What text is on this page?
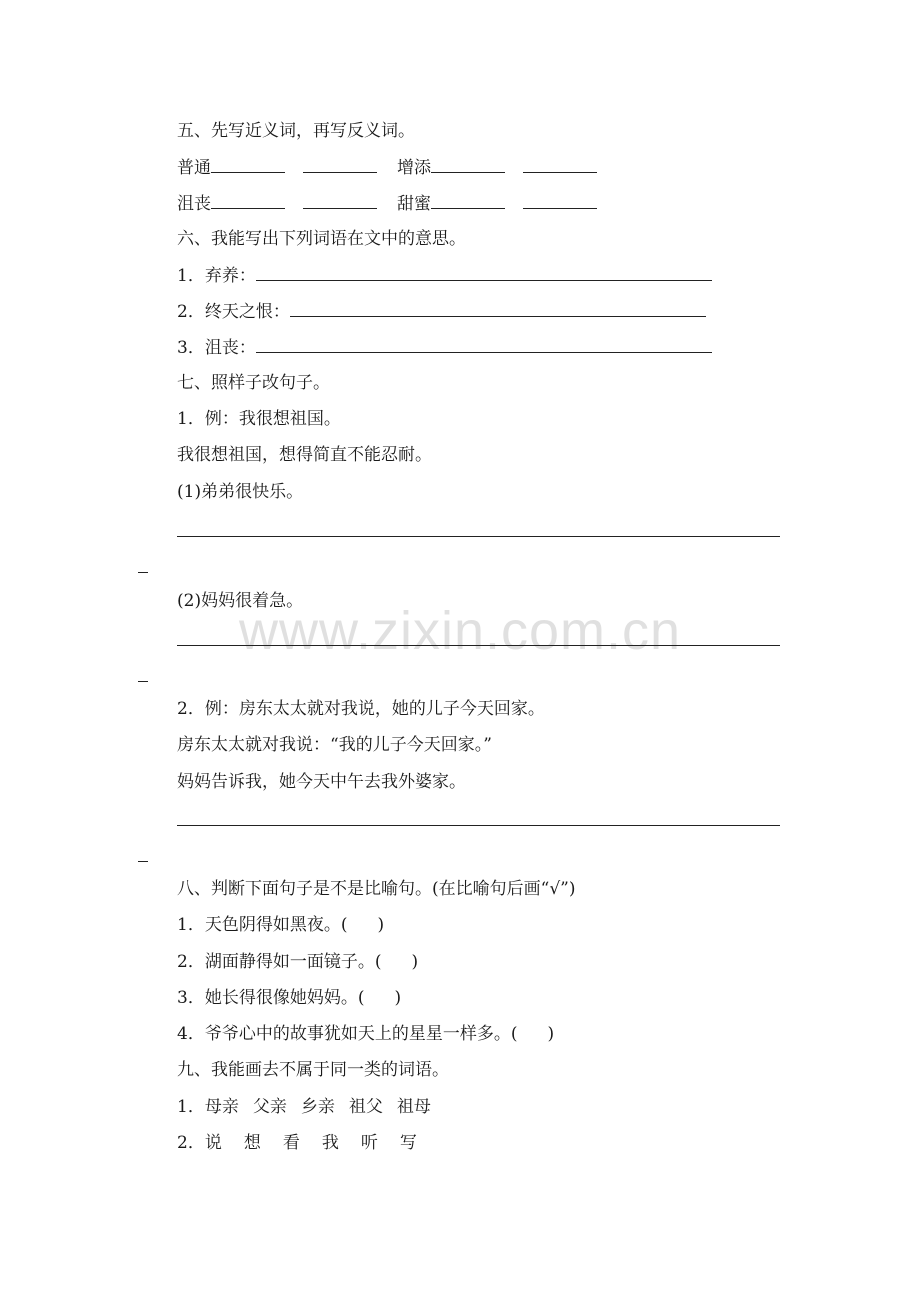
www.zixin.com.cn
五、先写近义词，再写反义词。
普通	增添
沮丧	甜蜜
六、我能写出下列词语在文中的意思。
1．弃养：
2．终天之恨：
3．沮丧：
七、照样子改句子。
1．例：我很想祖国。
我很想祖国，想得简直不能忍耐。
(1)弟弟很快乐。
(2)妈妈很着急。
2．例：房东太太就对我说，她的儿子今天回家。
房东太太就对我说：“我的儿子今天回家。”
妈妈告诉我，她今天中午去我外婆家。
八、判断下面句子是不是比喻句。(在比喻句后画“√”)
1．天色阴得如黑夜。( )
2．湖面静得如一面镜子。( )
3．她长得很像她妈妈。( )
4．爷爷心中的故事犹如天上的星星一样多。( )
九、我能画去不属于同一类的词语。
1．母亲 父亲 乡亲 祖父 祖母
2．说 想 看 我 听 写
